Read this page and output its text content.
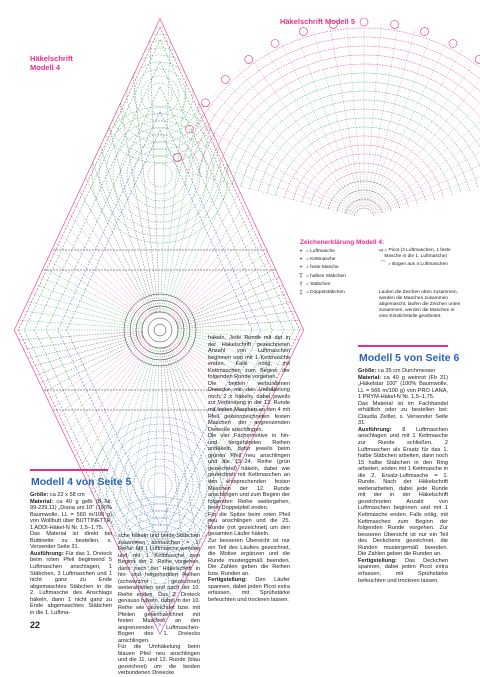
Häkelschrift
Modell 4
Häkelschrift Modell 5
Zeichenerklärung Modell 4:
• = Luftmasche
• = Kettmasche
+ = feste Masche
T = halbes Stäbchen
† = Stäbchen
‡ = Doppelstäbchen
∞ = Picot (3 Luftmaschen, 1 feste Masche in die 1. Luftmasche)
⌒ = Bogen aus 4 Luftmaschen
Laufen die Zeichen oben zusammen, werden die Maschen zusammen abgemascht, laufen die Zeichen unten zusammen, werden die Maschen in eine Einstichstelle gearbeitet.
Modell 4 von Seite 5

Größe: ca 22 x 58 cm

Material: ca 40 g gelb (B.-Nr. 99-229.11) „Diana uni 10" (100% Baumwolle, LL = 560 m/100 g) von Wollbutt über BUTTINETTE, 1 ADDI-Häkel-N Nr. 1,5–1,75.

Das Material ist direkt bei Buttinette zu bestellen, s. Versender Seite 31.

Ausführung: Für das 1. Dreieck beim roten Pfeil beginnend 5 Luftmaschen anschlagen, 1 Stäbchen, 3 Luftmaschen und 1 nicht ganz zu Ende abgemaschtes Stäbchen in die 2. Luftmasche des Anschlags häkeln, dann 1 nicht ganz zu Ende abgemaschtes Stäbchen in die 1. Luftma-

sche häkeln und beide Stäbchen zusammen abmaschen = 1. Reihe. Mit 1 Luftmasche wenden und mit 1 Kettmasche zum Beginn der 2. Reihe vorgehen, dann nach der Häkelschrift in hin- und hergehenden Reihen (schwarz/rot gezeichnet) weiterarbeiten und nach der 10. Reihe enden. Das 2. Dreieck genauso häkeln, dabei in der 10. Reihe wie gezeichnet bzw. mit Pfeilen gekennzeichnet mit festen Maschen an den angrenzenden Luftmaschen-Bogen des 1. Dreiecks anschlingen.

Für die Umhäkelung beim blauen Pfeil neu anschlingen und die 11. und 12. Runde (blau gezeichnet) um die beiden verbundenen Dreiecke

häkeln. Jede Runde mit der in der Häkelschrift gezeichneten Anzahl von Luftmaschen beginnen und mit 1 Kettmasche enden. Falls nötig, mit Kettmaschen zum Beginn der folgenden Runde vorgehen.

Die beiden verbundenen Dreiecke mit der Umhäkelung noch 2 x häkeln, dabei jeweils zur Verbindung in der 12. Runde mit festen Maschen an den 4 mit Pfeil gekennzeichneten festen Maschen der angrenzenden Dreiecke anschlingen.

Die vier Fächermotive in hin- und hergehenden Reihen anhäkeln, dafür jeweils beim grünen Pfeil neu anschlingen und die 13.-24. Reihe (grün gezeichnet) häkeln, dabei wie gezeichnet mit Kettmaschen an den entsprechenden festen Maschen der 12. Runde anschlingen und zum Beginn der folgenden Reihe weitergehen, beim Doppelpfeil enden.

Für die Spitze beim roten Pfeil neu anschlingen und die 25. Runde (rot gezeichnet) um den gesamten Läufer häkeln.

Zur besseren Übersicht ist nur ein Teil des Läufers gezeichnet, die Motive ergänzen und die Runde musterggmäß beenden. Die Zahlen geben die Reihen bzw. Runden an.

Fertigstellung: Den Läufer spannen, dabei jeden Picot extra erfassen, mit Sprühstärke befeuchten und trocknen lassen.

Modell 5 von Seite 6

Größe: ca 35 cm Durchmesser

Material: ca 40 g weinrot (Fb 31) „Häkelstar 100" (100% Baumwolle, LL = 566 m/100 g) von PRO LANA, 1 PRYM-Häkel-N Nr. 1,5–1,75.

Das Material ist im Fachhandel erhältlich oder zu bestellen bei: Claudia Zeitler, s. Versender Seite 31.

Ausführung: 8 Luftmaschen anschlagen und mit 1 Kettmasche zur Runde schließen. 2 Luftmaschen als Ersatz für das 1. halbe Stäbchen arbeiten, dann noch 15 halbe Stäbchen in den Ring arbeiten, enden mit 1 Kettmasche in die 2. Ersatz-Luftmasche = 1. Runde. Nach der Häkelschrift weiterarbeiten, dabei jede Runde mit der in der Häkelschrift gezeichneten Anzahl von Luftmaschen beginnen und mit 1 Kettmasche enden. Falls nötig, mit Kettmaschen zum Beginn der folgenden Runde vorgehen. Zur besseren Übersicht ist nur ein Teil des Deckchens gezeichnet, die Runden mustergemäß beenden. Die Zahlen geben die Runden an.

Fertigstellung: Das Deckchen spannen, dabei jeden Picot extra erfassen, mit Sprühstärke befeuchten und trocknen lassen.

22
